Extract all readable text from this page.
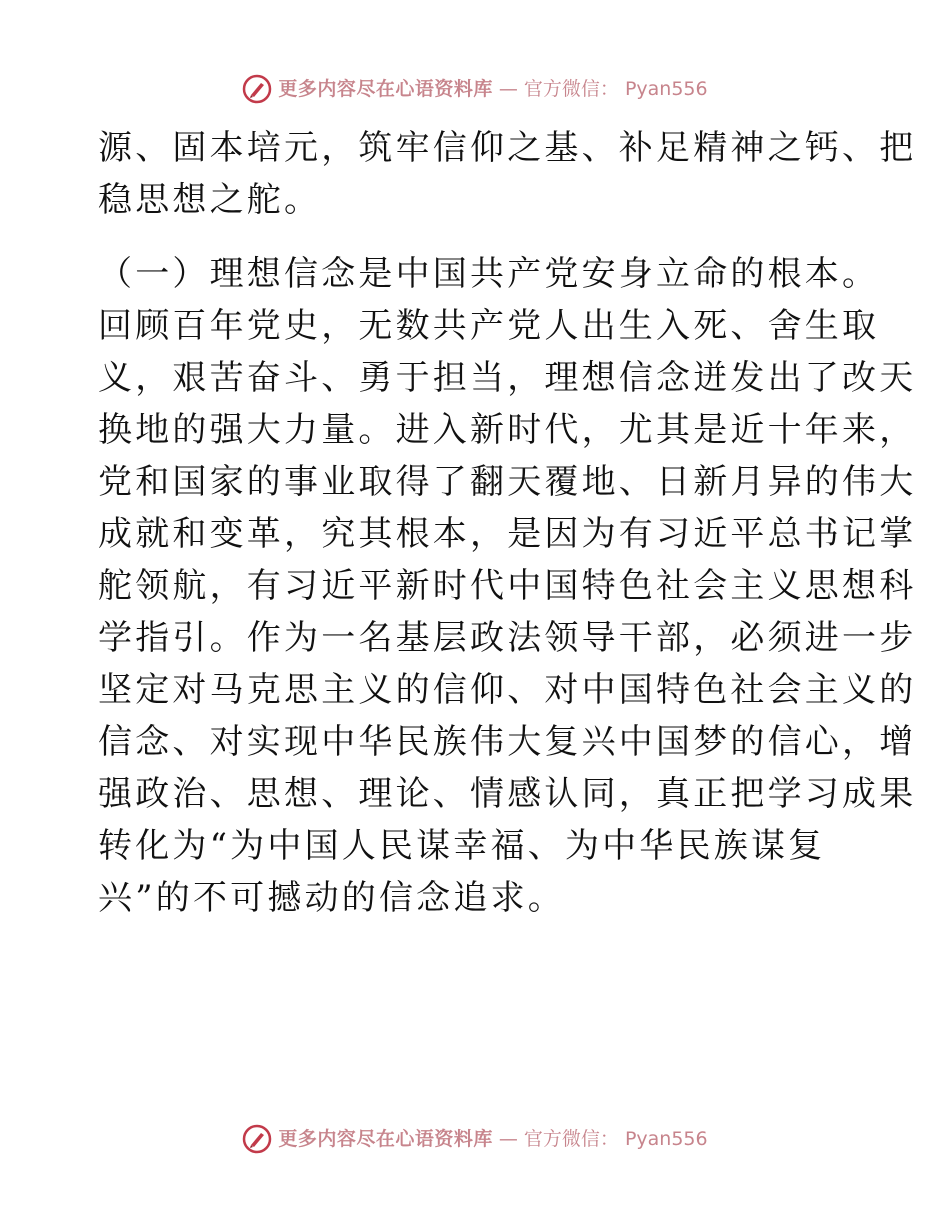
更多内容尽在心语资料库 — 官方微信： Pyan556
源、固本培元，筑牢信仰之基、补足精神之钙、把
稳思想之舵。
（一）理想信念是中国共产党安身立命的根本。
回顾百年党史，无数共产党人出生入死、舍生取
义，艰苦奋斗、勇于担当，理想信念迸发出了改天
换地的强大力量。进入新时代，尤其是近十年来，
党和国家的事业取得了翻天覆地、日新月异的伟大
成就和变革，究其根本，是因为有习近平总书记掌
舵领航，有习近平新时代中国特色社会主义思想科
学指引。作为一名基层政法领导干部，必须进一步
坚定对马克思主义的信仰、对中国特色社会主义的
信念、对实现中华民族伟大复兴中国梦的信心，增
强政治、思想、理论、情感认同，真正把学习成果
转化为“为中国人民谋幸福、为中华民族谋复
兴”的不可撼动的信念追求。
更多内容尽在心语资料库 — 官方微信： Pyan556
